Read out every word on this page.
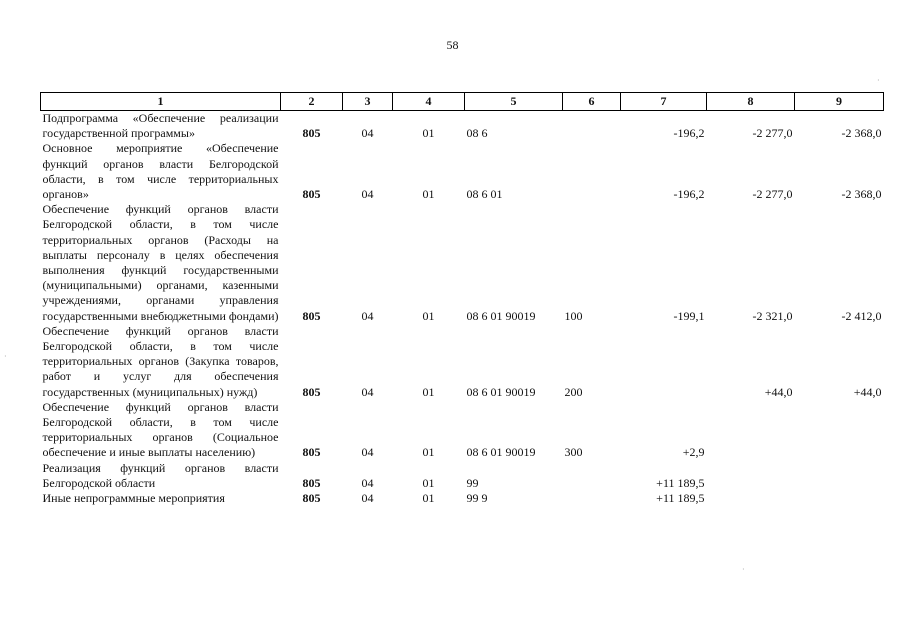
58
·
·
·
1	2	3	4	5	6	7	8	9
Подпрограмма «Обеспечение реализации государственной программы»	805	04	01	08 6		-196,2	-2 277,0	-2 368,0
Основное мероприятие «Обеспечение функций органов власти Белгородской области, в том числе территориальных органов»	805	04	01	08 6 01		-196,2	-2 277,0	-2 368,0
Обеспечение функций органов власти Белгородской области, в том числе территориальных органов (Расходы на выплаты персоналу в целях обеспечения выполнения функций государственными (муниципальными) органами, казенными учреждениями, органами управления государственными внебюджетными фондами)	805	04	01	08 6 01 90019	100	-199,1	-2 321,0	-2 412,0
Обеспечение функций органов власти Белгородской области, в том числе территориальных органов (Закупка товаров, работ и услуг для обеспечения государственных (муниципальных) нужд)	805	04	01	08 6 01 90019	200		+44,0	+44,0
Обеспечение функций органов власти Белгородской области, в том числе территориальных органов (Социальное обеспечение и иные выплаты населению)	805	04	01	08 6 01 90019	300	+2,9		
Реализация функций органов власти Белгородской области	805	04	01	99		+11 189,5		
Иные непрограммные мероприятия	805	04	01	99 9		+11 189,5		
